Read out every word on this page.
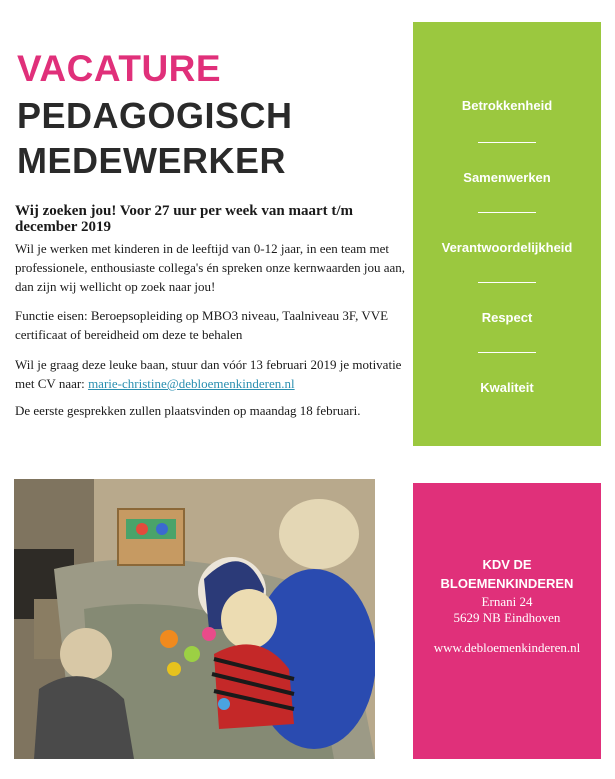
VACATURE
PEDAGOGISCH
MEDEWERKER
Wij zoeken jou! Voor 27 uur per week van maart t/m december 2019

Wil je werken met kinderen in de leeftijd van 0-12 jaar, in een team met professionele, enthousiaste collega's én spreken onze kernwaarden jou aan, dan zijn wij wellicht op zoek naar jou!

Functie eisen: Beroepsopleiding op MBO3 niveau, Taalniveau 3F, VVE certificaat of bereidheid om deze te behalen

Wil je graag deze leuke baan, stuur dan vóór 13 februari 2019 je motivatie met CV naar: marie-christine@debloemenkinderen.nl

De eerste gesprekken zullen plaatsvinden op maandag 18 februari.

Betrokkenheid
Samenwerken
Verantwoordelijkheid
Respect
Kwaliteit
KDV DE
BLOEMENKINDEREN
Ernani 24
5629 NB Eindhoven
www.debloemenkinderen.nl
